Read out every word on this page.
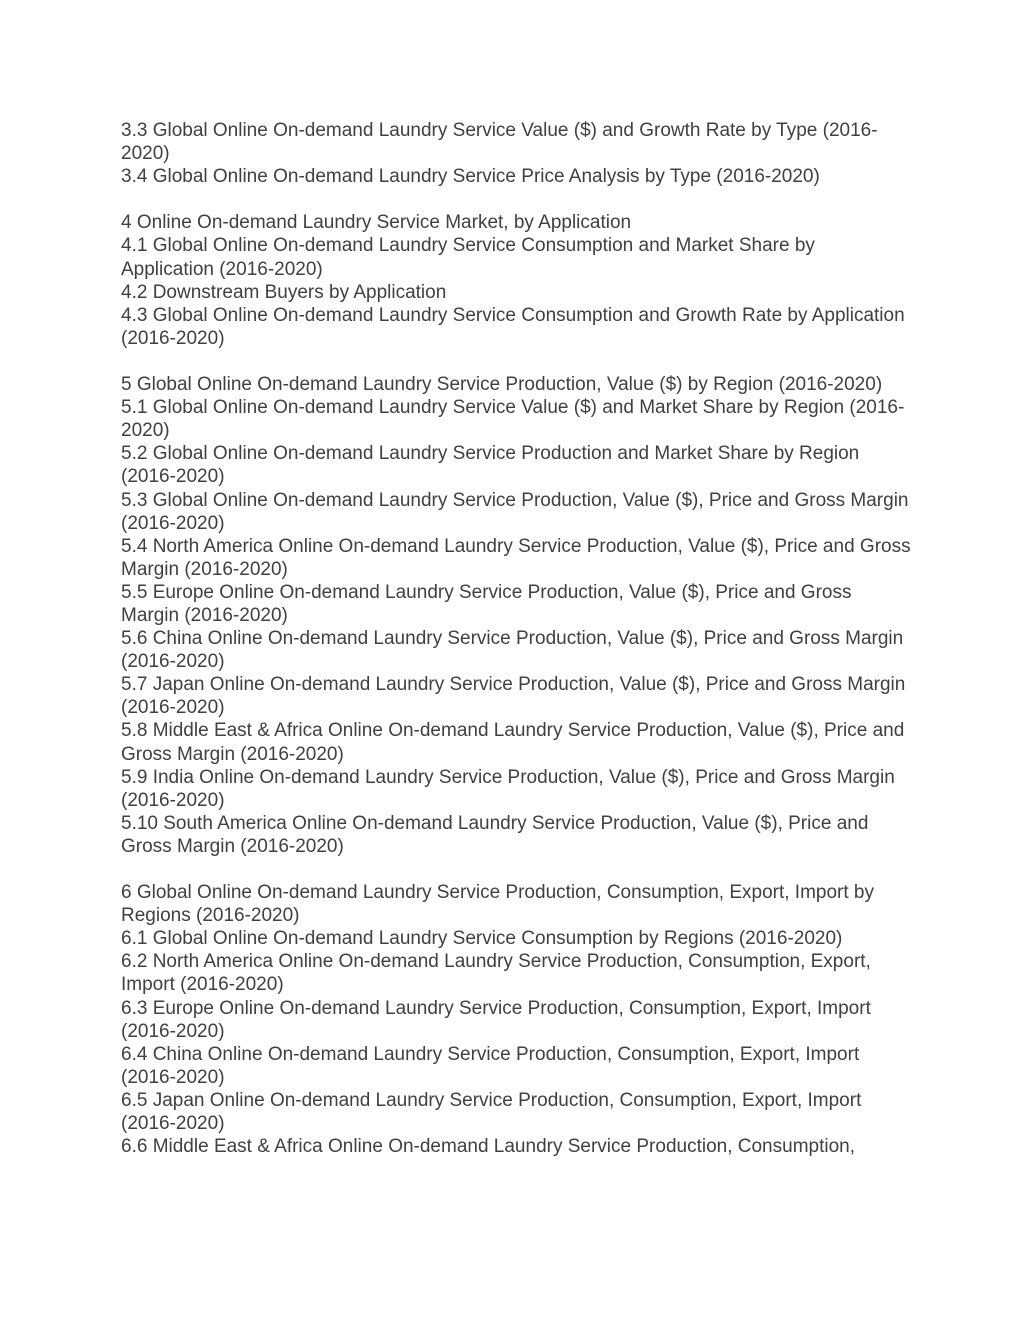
3.3 Global Online On-demand Laundry Service Value ($) and Growth Rate by Type (2016-2020)
3.4 Global Online On-demand Laundry Service Price Analysis by Type (2016-2020)
4 Online On-demand Laundry Service Market, by Application
4.1 Global Online On-demand Laundry Service Consumption and Market Share by Application (2016-2020)
4.2 Downstream Buyers by Application
4.3 Global Online On-demand Laundry Service Consumption and Growth Rate by Application (2016-2020)
5 Global Online On-demand Laundry Service Production, Value ($) by Region (2016-2020)
5.1 Global Online On-demand Laundry Service Value ($) and Market Share by Region (2016-2020)
5.2 Global Online On-demand Laundry Service Production and Market Share by Region (2016-2020)
5.3 Global Online On-demand Laundry Service Production, Value ($), Price and Gross Margin (2016-2020)
5.4 North America Online On-demand Laundry Service Production, Value ($), Price and Gross Margin (2016-2020)
5.5 Europe Online On-demand Laundry Service Production, Value ($), Price and Gross Margin (2016-2020)
5.6 China Online On-demand Laundry Service Production, Value ($), Price and Gross Margin (2016-2020)
5.7 Japan Online On-demand Laundry Service Production, Value ($), Price and Gross Margin (2016-2020)
5.8 Middle East & Africa Online On-demand Laundry Service Production, Value ($), Price and Gross Margin (2016-2020)
5.9 India Online On-demand Laundry Service Production, Value ($), Price and Gross Margin (2016-2020)
5.10 South America Online On-demand Laundry Service Production, Value ($), Price and Gross Margin (2016-2020)
6 Global Online On-demand Laundry Service Production, Consumption, Export, Import by Regions (2016-2020)
6.1 Global Online On-demand Laundry Service Consumption by Regions (2016-2020)
6.2 North America Online On-demand Laundry Service Production, Consumption, Export, Import (2016-2020)
6.3 Europe Online On-demand Laundry Service Production, Consumption, Export, Import (2016-2020)
6.4 China Online On-demand Laundry Service Production, Consumption, Export, Import (2016-2020)
6.5 Japan Online On-demand Laundry Service Production, Consumption, Export, Import (2016-2020)
6.6 Middle East & Africa Online On-demand Laundry Service Production, Consumption,
